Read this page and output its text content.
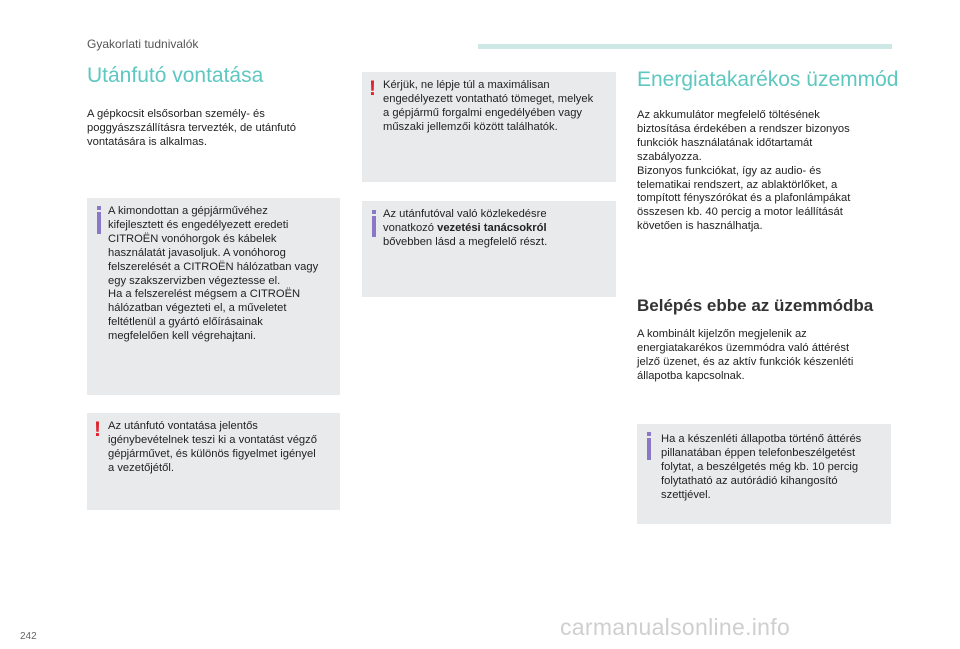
Gyakorlati tudnivalók
Utánfutó vontatása

A gépkocsit elsősorban személy- és
poggyászszállításra tervezték, de utánfutó
vontatására is alkalmas.

A kimondottan a gépjárművéhez
kifejlesztett és engedélyezett eredeti
CITROËN vonóhorgok és kábelek
használatát javasoljuk. A vonóhorog
felszerelését a CITROËN hálózatban vagy
egy szakszervizben végeztesse el.
Ha a felszerelést mégsem a CITROËN
hálózatban végezteti el, a műveletet
feltétlenül a gyártó előírásainak
megfelelően kell végrehajtani.

! Az utánfutó vontatása jelentős
igénybevételnek teszi ki a vontatást végző
gépjárművet, és különös figyelmet igényel
a vezetőjétől.

! Kérjük, ne lépje túl a maximálisan
engedélyezett vontatható tömeget, melyek
a gépjármű forgalmi engedélyében vagy
műszaki jellemzői között találhatók.

Az utánfutóval való közlekedésre
vonatkozó vezetési tanácsokról
bővebben lásd a megfelelő részt.

Energiatakarékos üzemmód

Az akkumulátor megfelelő töltésének
biztosítása érdekében a rendszer bizonyos
funkciók használatának időtartamát
szabályozza.
Bizonyos funkciókat, így az audio- és
telematikai rendszert, az ablaktörlőket, a
tompított fényszórókat és a plafonlámpákat
összesen kb. 40 percig a motor leállítását
követően is használhatja.

Belépés ebbe az üzemmódba

A kombinált kijelzőn megjelenik az
energiatakarékos üzemmódra való áttérést
jelző üzenet, és az aktív funkciók készenléti
állapotba kapcsolnak.

Ha a készenléti állapotba történő áttérés
pillanatában éppen telefonbeszélgetést
folytat, a beszélgetés még kb. 10 percig
folytatható az autórádió kihangosító
szettjével.

242	carmanualsonline.info
